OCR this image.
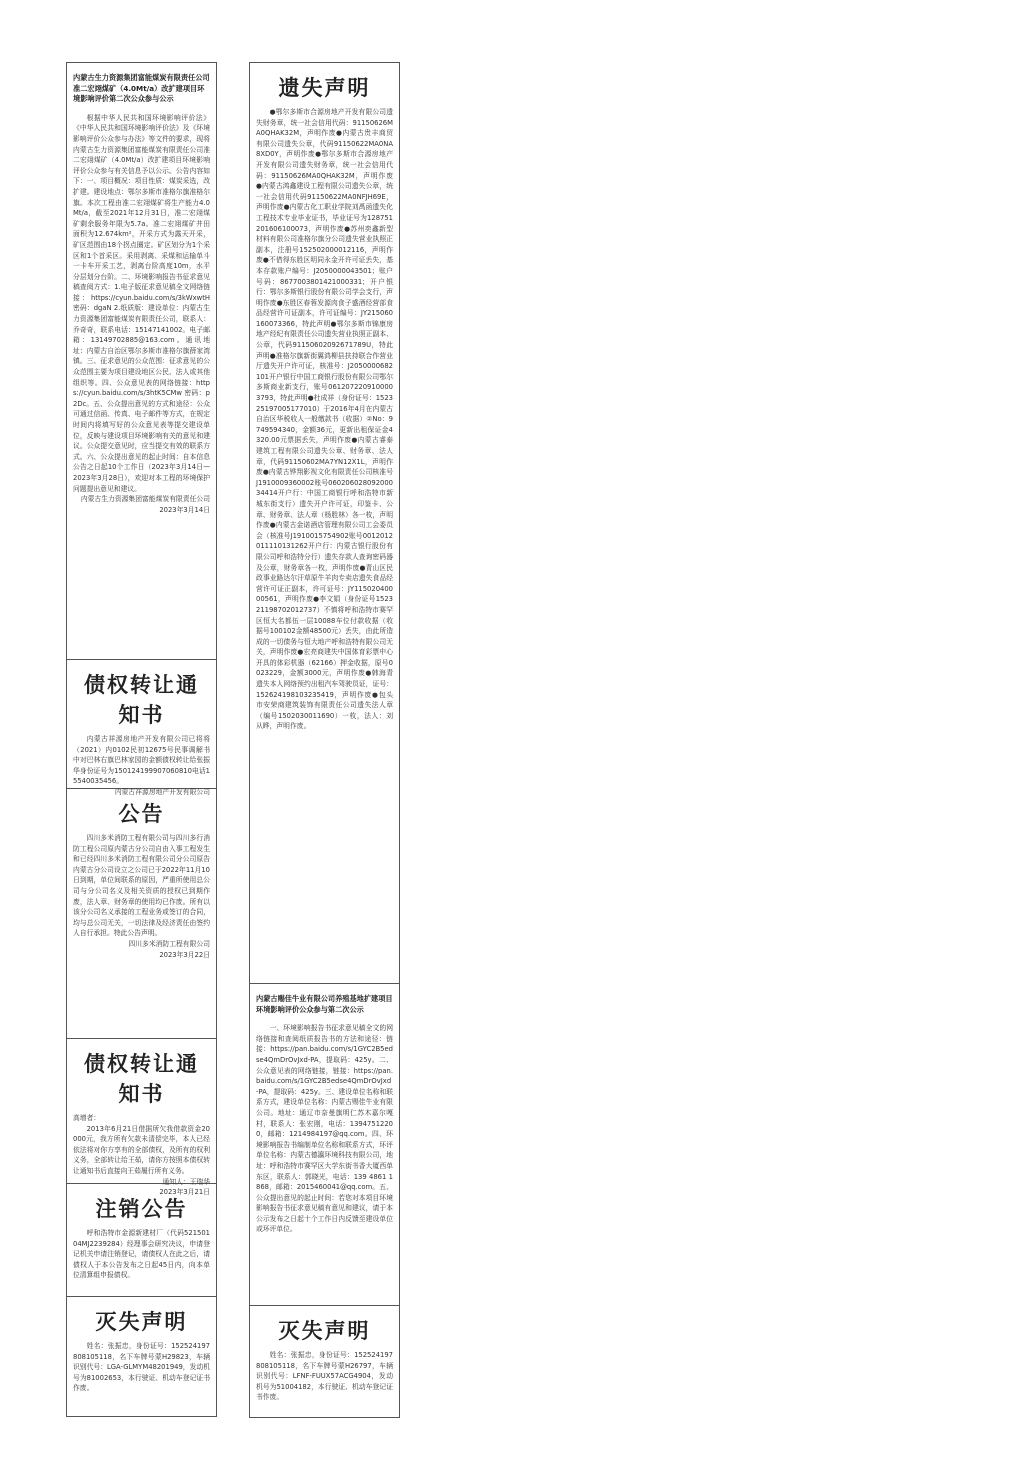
内蒙古生力资源集团富能煤炭有限责任公司准二宏翊煤矿（4.0Mt/a）改扩建项目环境影响评价第二次公众参与公示

根据中华人民共和国环境影响评价法》《中华人民共和国环境影响评价法》及《环境影响评价公众参与办法》等文件的要求，现将内蒙古生力资源集团富能煤炭有限责任公司准二宏翊煤矿（4.0Mt/a）改扩建项目环境影响评价公众参与有关信息予以公示。公告内容如下：一、项目概况：项目性质：煤炭采选，改扩建。建设地点：鄂尔多斯市准格尔旗准格尔旗。本次工程由准二宏翊煤矿将生产能力4.0Mt/a，截至2021年12月31日，准二宏翊煤矿剩余服务年限为5.7a。准二宏翊煤矿井田面积为12.674km²，开采方式为露天开采，矿区范围由18个拐点圈定。矿区划分为1个采区和1个首采区。采用剥离、采煤和运输单斗一卡车开采工艺，剥离台阶高度10m，水平分层划分台阶。二、环境影响报告书征求意见稿查阅方式：1.电子版征求意见稿全文网络链接：https://cyun.baidu.com/s/3kWxwtH 密码：dgaN 2.纸质版：建设单位：内蒙古生力资源集团富能煤炭有限责任公司，联系人：乔奇奇，联系电话：15147141002。电子邮箱：13149702885@163.com。通讯地址：内蒙古自治区鄂尔多斯市准格尔旗薛家湾镇。三、征求意见的公众范围：征求意见的公众范围主要为项目建设地区公民、法人或其他组织等。四、公众意见表的网络链接：https://cyun.baidu.com/s/3htK5CMw 密码：p2Dc。五、公众提出意见的方式和途径：公众可通过信函、传真、电子邮件等方式，在规定时间内将填写好的公众意见表等提交建设单位，反映与建设项目环境影响有关的意见和建议。公众提交意见时，应当提交有效的联系方式。六、公众提出意见的起止时间：自本信息公告之日起10个工作日（2023年3月14日—2023年3月28日），欢迎对本工程的环境保护问题提出意见和建议。

内蒙古生力资源集团富能煤炭有限责任公司

2023年3月14日

债权转让通知书

内蒙古祥源房地产开发有限公司已将将（2021）内0102民初12675号民事调解书中对巴林右旗巴林家园的金额债权转让给张振华身份证号为150124199907060810电话15540035456。

内蒙古祥源房地产开发有限公司

公告

四川多米消防工程有限公司与四川多行消防工程公司原内蒙古分公司自由入事工程发生和已经四川多米消防工程有限公司分公司原告内蒙古分公司设立之公司已于2022年11月10日到期，单位间联系的原因，严重所使用总公司与分公司名义及相关资质的授权已到期作废，法人章、财务章的使用均已作废。所有以该分公司名义承接的工程业务或签订的合同，均与总公司无关，一切法律及经济责任由签约人自行承担。特此公告声明。

四川多米消防工程有限公司

2023年3月22日

债权转让通知书

高增者：

2013年6月21日借据所欠我借款资金20000元，我方所有欠款未清偿完毕，本人已经依法将对你方享有的全部债权，及所有的权利义务，全部转让给王茹，请你方按照本债权转让通知书后直接向王茹履行所有义务。

通知人：王瑞华

2023年3月21日

注销公告

呼和浩特市金源新建材厂（代码52150104MJ2239284）经理事会研究决议，申请登记机关申请注销登记，请债权人在此之后，请债权人于本公告发布之日起45日内，向本单位清算组申报债权。

灭失声明

姓名：张振忠，身份证号：152524197808105118，名下车牌号蒙H29823，车辆识别代号：LGA-GLMYM48201949，发动机号为81002653，本行驶证、机动车登记证书作废。

遗失声明

●鄂尔多斯市合源房地产开发有限公司遗失财务章，统一社会信用代码：91150626MA0QHAK32M，声明作废●内蒙古贵丰商贸有限公司遗失公章，代码91150622MA0NA8XD0Y，声明作废●鄂尔多斯市合源房地产开发有限公司遗失财务章，统一社会信用代码：91150626MA0QHAK32M，声明作废●内蒙古鸿鑫建设工程有限公司遗失公章，统一社会信用代码91150622MA0NFJH69E，声明作废●内蒙古化工职业学院刘禹函遗失化工程技术专业毕业证书，毕业证号为128751201606100073，声明作废●苏州奕鑫新型材料有限公司准格尔旗分公司遗失营业执照正副本，注册号152502000012116，声明作废●不借得东胜区明同永金开许可证丢失，基本存款账户编号：J2050000043501；账户号码：8677003801421000331；开户银行：鄂尔多斯银行股份有限公司学会支行，声明作废●东胜区春蓉发源肉食子盛酒经营部食品经营许可证副本，许可证编号：JY215060160073366，特此声明●鄂尔多斯市锦康房地产经纪有限责任公司遗失营业执照正副本、公章，代码91150602092671789U，特此声明●准格尔旗新街翼鸿柳县扶持联合作营业厅遗失开户许可证，核准号：J2050000682101开户银行中国工商银行股份有限公司鄂尔多斯商业新支行，账号0612072209100003793，特此声明●杜成祥（身份证号：152325197005177010）于2016年4月在内蒙古自治区华税收人一般缴款书（收据）②No：9749594340，金额36元，更新出租保证金4320.00元票据丢失，声明作废●内蒙古睿泰建筑工程有限公司遗失公章、财务章、法人章，代码91150602MA7YN12X1L，声明作废●内蒙古铧翔影视文化有限责任公司核准号J1910009360002账号06020602809200034414开户行：中国工商银行呼和浩特市新城东街支行）遗失开户许可证，印鉴卡、公章、财务章、法人章（杨胜林）各一枚，声明作废●内蒙古金诺酒店管理有限公司工会委员会（核准号J1910015754902账号0012012011110131262开户行：内蒙古银行股份有限公司呼和浩特分行）遗失存款人查询密码器及公章，财务章各一枚，声明作废●青山区民政事业路达尔汗草原牛羊肉专卖店遗失食品经营许可证正副本，许可证号：JY11502040000561，声明作废●李文娟（身份证号152321198702012737）不慎将呼和浩特市赛罕区恒大名都伍一层10088车位付款收据（收据号100102金额48500元）丢失，由此所造成的一切债务与恒大地产呼和浩特有限公司无关，声明作废●宏亮商建失中国体育彩票中心开具的体彩机器（62166）押金收据，原号0023229，金额3000元，声明作废●韩海青遗失本人网络预约出租汽车驾驶员证，证号：152624198103235419，声明作废●包头市安荣商建筑装饰有限责任公司遗失法人章（编号1502030011690）一枚，法人：刘从晔，声明作废。

内蒙古赐佳牛业有限公司养殖基地扩建项目环境影响评价公众参与第二次公示

一、环境影响报告书征求意见稿全文的网络链接和查阅纸质报告书的方法和途径：链接：https://pan.baidu.com/s/1GYC2B5edse4QmDrOvJxd-PA，提取码：425y。二、公众意见表的网络链接，链接：https://pan.baidu.com/s/1GYC2B5edse4QmDrOvJxd-PA，提取码：425y。三、建设单位名称和联系方式，建设单位名称：内蒙古赐佳牛业有限公司。地址：通辽市奈曼旗明仁苏木嘉尔嘎村，联系人：张宏刚，电话：13947512200，邮箱：1214984197@qq.com。四、环境影响报告书编制单位名称和联系方式，环评单位名称：内蒙古德瀛环境科技有限公司，地址：呼和浩特市赛罕区大学东街书香大厦西单东区，联系人：郭晓光，电话：139 4861 1868，邮箱：2015460041@qq.com。五、公众提出意见的起止时间：若您对本项目环境影响报告书征求意见稿有意见和建议，请于本公示发布之日起十个工作日内反馈至建设单位或环评单位。

灭失声明

姓名：张振忠，身份证号：152524197808105118，名下车牌号蒙H26797，车辆识别代号：LFNF-FUUX57ACG4904，发动机号为51004182，本行驶证、机动车登记证书作废。
